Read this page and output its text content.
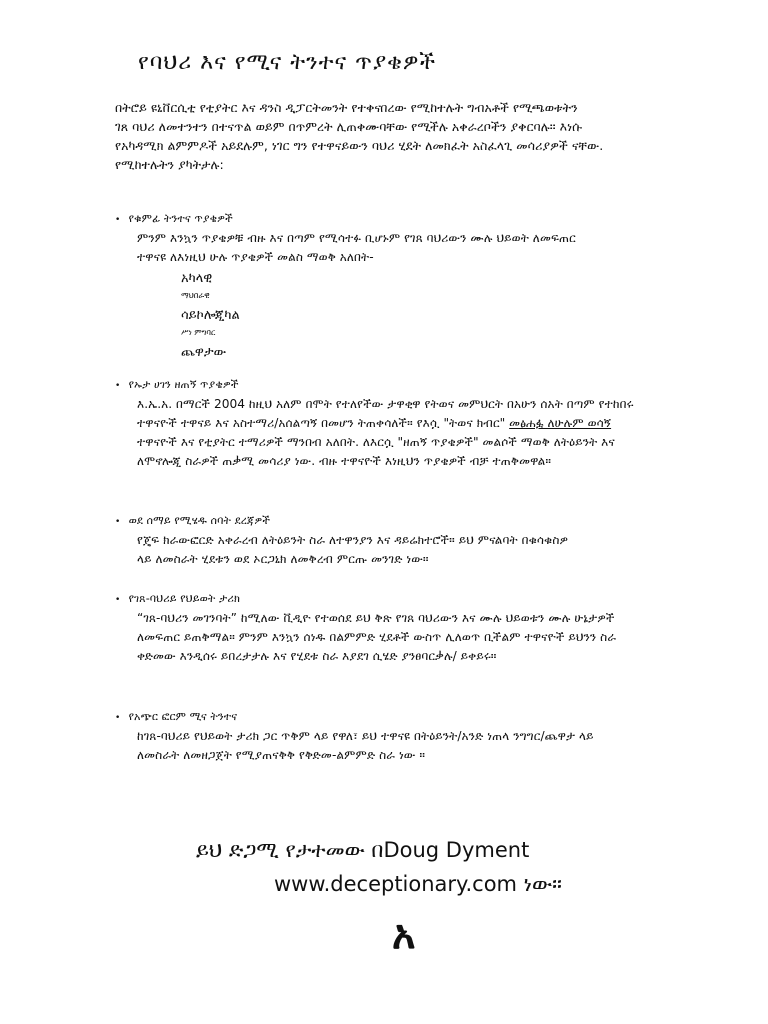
የባህሪ እና የሚና ትንተና ጥያቄዎች
በትሮይ ዩኒቨርሲቲ የቲያትር እና ዳንስ ዲፓርትመንት የተቀናበረው የሚከተሉት ግብአቶች የሚጫወቱትን
ገጸ ባህሪ ለመተንተን በተናጥል ወይም በጥምረት ሊጠቀሙባቸው የሚችሉ አቀራረቦችን ያቀርባሉ። እነሱ
የአካዳሚክ ልምምዶች አይደሉም, ነገር ግን የተዋናይውን ባህሪ ሂደት ለመክፈት አስፈላጊ መሳሪያዎች ናቸው.
የሚከተሉትን ያካትታሉ:
• የቁምፊ ትንተና ጥያቄዎች
ምንም እንኳን ጥያቄዎቹ ብዙ እና በጣም የሚሳተፉ ቢሆኑም የገጸ ባህሪውን ሙሉ ህይወት ለመፍጠር
ተዋናዩ ለእነዚህ ሁሉ ጥያቄዎች መልስ ማወቅ አለበት-
አካላዊ
ማህበራዊ
ሳይኮሎጂካል
ሥነ ምግባር
ጨዋታው
• የኡታ ሀገን ዘጠኝ ጥያቄዎች
እ.ኤ.አ. በማርች 2004 ከዚህ አለም በሞት የተለየችው ታዋቂዋ የትወና መምህርት በአሁን ሰአት በጣም የተከበሩ
ተዋናዮች ተዋናይ እና አስተማሪ/አሰልጣኝ በመሆን ትጠቀሳለች። የእሷ "ትወና ክብር" መፅሐፏ ለሁሉም ወሳኝ
ተዋናዮች እና የቲያትር ተማሪዎች ማንበብ አለበት. ለእርሷ "ዘጠኝ ጥያቄዎች" መልሶች ማወቅ ለትዕይንት እና
ለሞኖሎጂ ስራዎች ጠቃሚ መሳሪያ ነው. ብዙ ተዋናዮች እነዚህን ጥያቄዎች ብቻ ተጠቅመዋል።
• ወደ ሰማይ የሚሄዱ ሰባት ደረጃዎች
የጄፍ ክራውፎርድ አቀራረብ ለትዕይንት ስራ ለተዋንያን እና ዳይሬክተሮች። ይህ ምናልባት በቁሳቁስዎ
ላይ ለመስራት ሂደቱን ወደ ኦርጋኒክ ለመቅረብ ምርጡ መንገድ ነው።
• የገጸ-ባህሪይ የህይወት ታሪክ
“ገጸ-ባህሪን መገንባት” ከሚለው ቪዲዮ የተወሰደ ይህ ቅጽ የገጸ ባህሪውን እና ሙሉ ህይወቱን ሙሉ ሁኔታዎች
ለመፍጠር ይጠቅማል። ምንም እንኳን ሰነዱ በልምምድ ሂደቶች ውስጥ ሊለወጥ ቢችልም ተዋናዮች ይህንን ስራ
ቀድመው እንዲሰሩ ይበረታታሉ እና የሂደቱ ስራ እያደገ ሲሄድ ያንፀባርቃሉ/ ይቀይሩ።
• የአጭር ፎርም ሚና ትንተና
ከገጸ-ባህሪይ የህይወት ታሪክ ጋር ጥቅም ላይ የዋለ፣ ይህ ተዋናዩ በትዕይንት/አንድ ነጠላ ንግግር/ጨዋታ ላይ
ለመስራት ለመዘጋጀት የሚያጠናቅቅ የቅድመ-ልምምድ ስራ ነው ።
ይህ ድጋሚ የታተመው በDoug Dyment
www.deceptionary.com ነው።
አ
